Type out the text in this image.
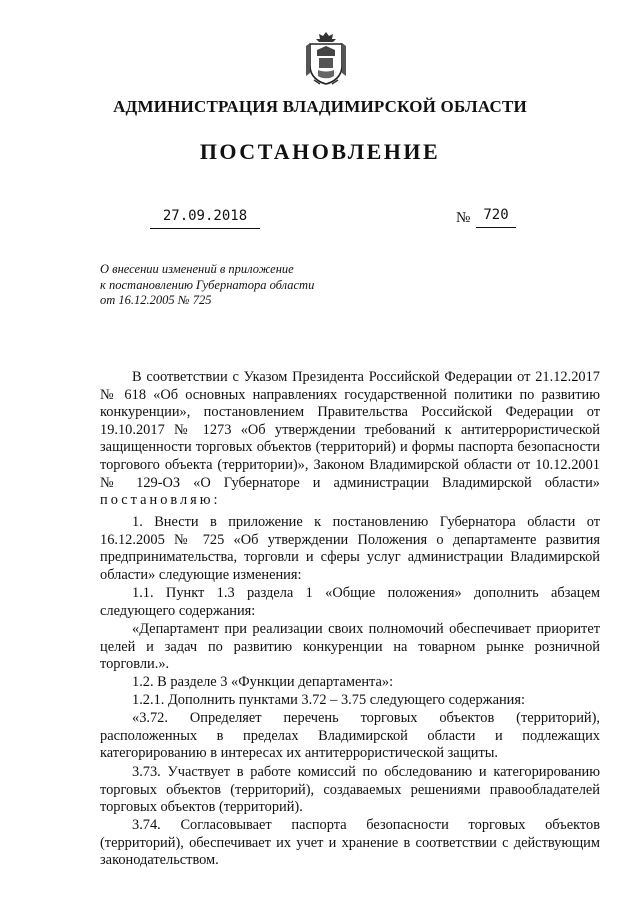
АДМИНИСТРАЦИЯ ВЛАДИМИРСКОЙ ОБЛАСТИ
ПОСТАНОВЛЕНИЕ
27.09.2018	№ 720
О внесении изменений в приложение
к постановлению Губернатора области
от 16.12.2005 № 725
В соответствии с Указом Президента Российской Федерации от 21.12.2017 № 618 «Об основных направлениях государственной политики по развитию конкуренции», постановлением Правительства Российской Федерации от 19.10.2017 № 1273 «Об утверждении требований к антитеррористической защищенности торговых объектов (территорий) и формы паспорта безопасности торгового объекта (территории)», Законом Владимирской области от 10.12.2001 № 129-ОЗ «О Губернаторе и администрации Владимирской области» постановляю:
1. Внести в приложение к постановлению Губернатора области от 16.12.2005 № 725 «Об утверждении Положения о департаменте развития предпринимательства, торговли и сферы услуг администрации Владимирской области» следующие изменения:
1.1. Пункт 1.3 раздела 1 «Общие положения» дополнить абзацем следующего содержания:
«Департамент при реализации своих полномочий обеспечивает приоритет целей и задач по развитию конкуренции на товарном рынке розничной торговли.».
1.2. В разделе 3 «Функции департамента»:
1.2.1. Дополнить пунктами 3.72 – 3.75 следующего содержания:
«3.72. Определяет перечень торговых объектов (территорий), расположенных в пределах Владимирской области и подлежащих категорированию в интересах их антитеррористической защиты.
3.73. Участвует в работе комиссий по обследованию и категорированию торговых объектов (территорий), создаваемых решениями правообладателей торговых объектов (территорий).
3.74. Согласовывает паспорта безопасности торговых объектов (территорий), обеспечивает их учет и хранение в соответствии с действующим законодательством.
